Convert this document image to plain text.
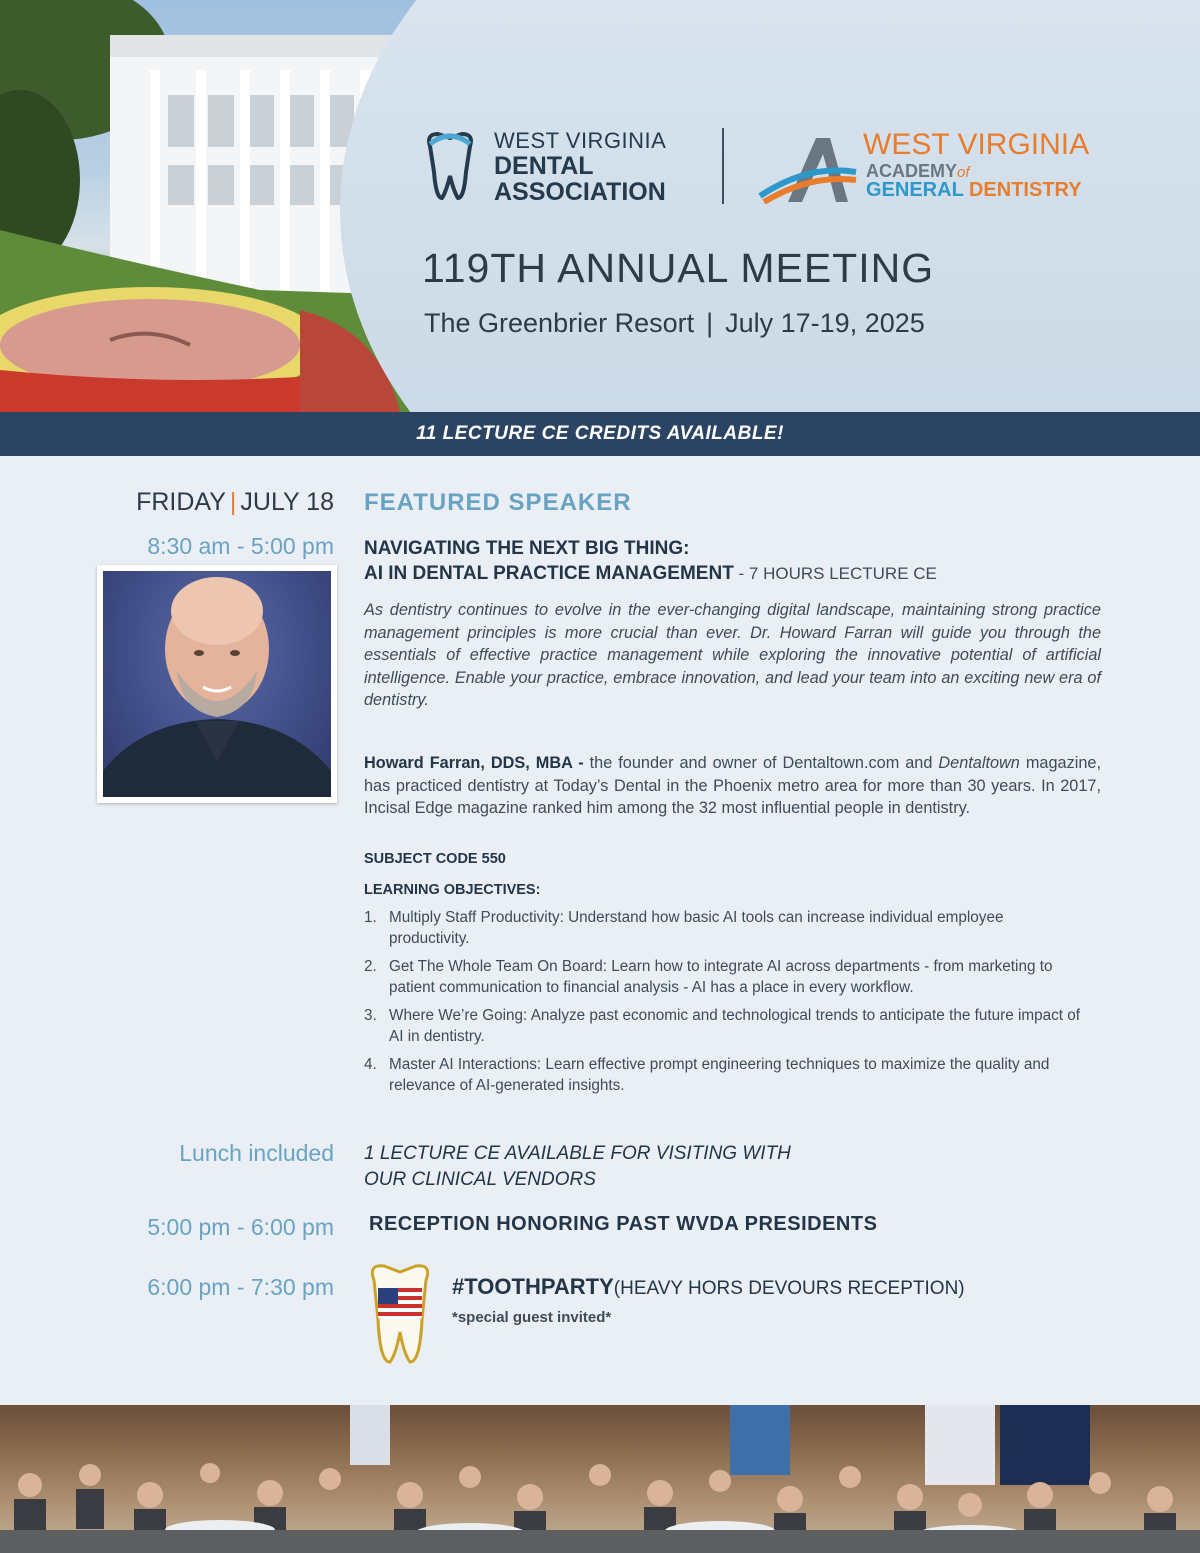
WEST VIRGINIA
DENTAL
ASSOCIATION
WEST VIRGINIA
ACADEMYof
GENERAL DENTISTRY
119TH ANNUAL MEETING
The Greenbrier Resort | July 17-19, 2025
11 LECTURE CE CREDITS AVAILABLE!
FRIDAY | JULY 18
8:30 am - 5:00 pm
Lunch included
5:00 pm - 6:00 pm
6:00 pm - 7:30 pm
FEATURED SPEAKER
NAVIGATING THE NEXT BIG THING:
AI IN DENTAL PRACTICE MANAGEMENT - 7 HOURS LECTURE CE
As dentistry continues to evolve in the ever-changing digital landscape, maintaining strong practice management principles is more crucial than ever. Dr. Howard Farran will guide you through the essentials of effective practice management while exploring the innovative potential of artificial intelligence. Enable your practice, embrace innovation, and lead your team into an exciting new era of dentistry.
Howard Farran, DDS, MBA - the founder and owner of Dentaltown.com and Dentaltown magazine, has practiced dentistry at Today’s Dental in the Phoenix metro area for more than 30 years. In 2017, Incisal Edge magazine ranked him among the 32 most influential people in dentistry.
SUBJECT CODE 550
LEARNING OBJECTIVES:
1. Multiply Staff Productivity: Understand how basic AI tools can increase individual employee productivity.
2. Get The Whole Team On Board: Learn how to integrate AI across departments - from marketing to patient communication to financial analysis - AI has a place in every workflow.
3. Where We’re Going: Analyze past economic and technological trends to anticipate the future impact of AI in dentistry.
4. Master AI Interactions: Learn effective prompt engineering techniques to maximize the quality and relevance of AI-generated insights.
1 LECTURE CE AVAILABLE FOR VISITING WITH
OUR CLINICAL VENDORS
RECEPTION HONORING PAST WVDA PRESIDENTS
#TOOTHPARTY(HEAVY HORS DEVOURS RECEPTION)
*special guest invited*
